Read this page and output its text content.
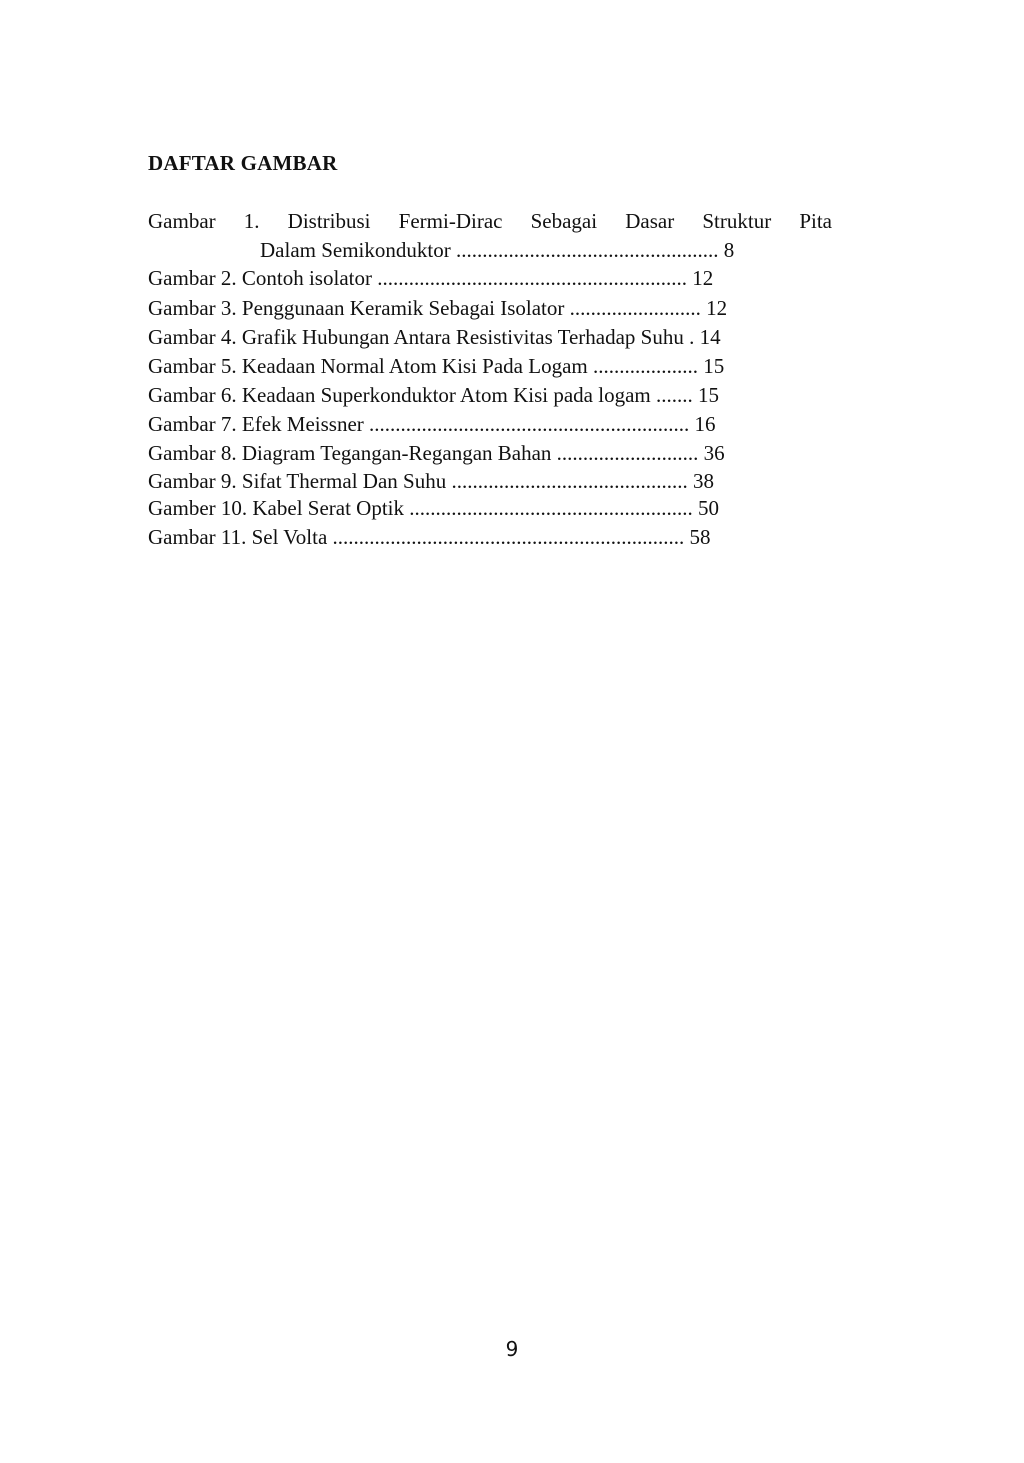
DAFTAR GAMBAR
Gambar 1. Distribusi Fermi-Dirac Sebagai Dasar Struktur Pita
Dalam Semikonduktor .................................................. 8
Gambar 2. Contoh isolator ........................................................... 12
Gambar 3. Penggunaan Keramik Sebagai Isolator ......................... 12
Gambar 4. Grafik Hubungan Antara Resistivitas Terhadap Suhu . 14
Gambar 5. Keadaan Normal Atom Kisi Pada Logam .................... 15
Gambar 6. Keadaan Superkonduktor Atom Kisi pada logam ....... 15
Gambar 7. Efek Meissner ............................................................. 16
Gambar 8. Diagram Tegangan-Regangan Bahan ........................... 36
Gambar 9. Sifat Thermal Dan Suhu ............................................. 38
Gamber 10. Kabel Serat Optik ...................................................... 50
Gambar 11. Sel Volta ................................................................... 58
9
